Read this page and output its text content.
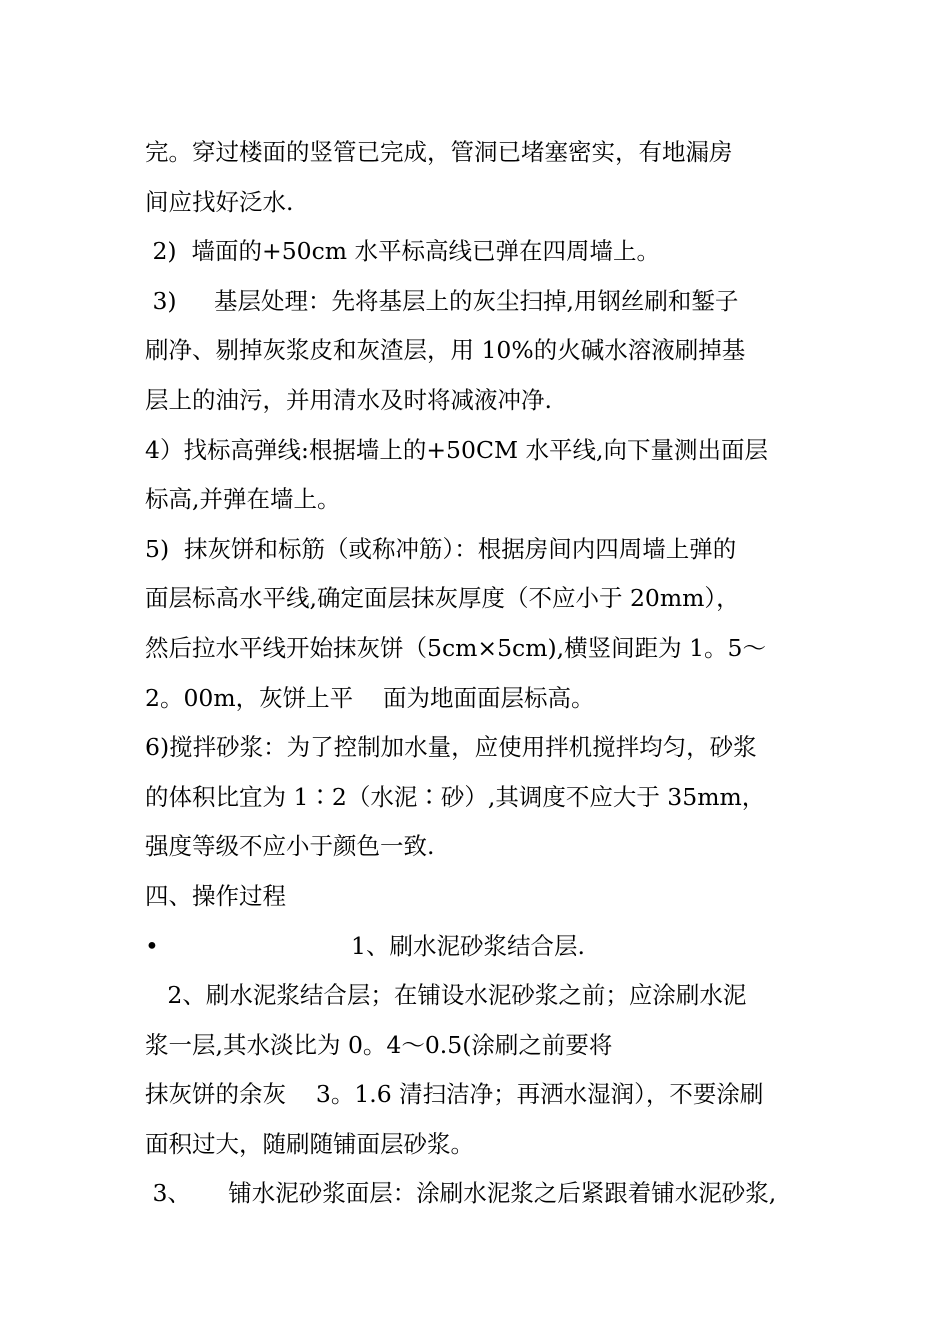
完。穿过楼面的竖管已完成，管洞已堵塞密实，有地漏房
间应找好泛水.
2)  墙面的+50cm 水平标高线已弹在四周墙上。
3)     基层处理：先将基层上的灰尘扫掉,用钢丝刷和錾子
刷净、剔掉灰浆皮和灰渣层，用 10%的火碱水溶液刷掉基
层上的油污，并用清水及时将减液冲净.
4）找标高弹线:根据墙上的+50CM 水平线,向下量测出面层
标高,并弹在墙上。
5)  抹灰饼和标筋（或称冲筋）：根据房间内四周墙上弹的
面层标高水平线,确定面层抹灰厚度（不应小于 20mm），
然后拉水平线开始抹灰饼（5cm×5cm),横竖间距为 1。5～
2。00m，灰饼上平    面为地面面层标高。
6)搅拌砂浆：为了控制加水量，应使用拌机搅拌均匀，砂浆
的体积比宜为 1∶2（水泥∶砂）,其调度不应大于 35mm，
强度等级不应小于颜色一致.
四、操作过程
•	1、刷水泥砂浆结合层.
2、刷水泥浆结合层；在铺设水泥砂浆之前；应涂刷水泥
浆一层,其水淡比为 0。4～0.5(涂刷之前要将
抹灰饼的余灰    3。1.6 清扫洁净；再洒水湿润），不要涂刷
面积过大，随刷随铺面层砂浆。
3、     铺水泥砂浆面层：涂刷水泥浆之后紧跟着铺水泥砂浆,
